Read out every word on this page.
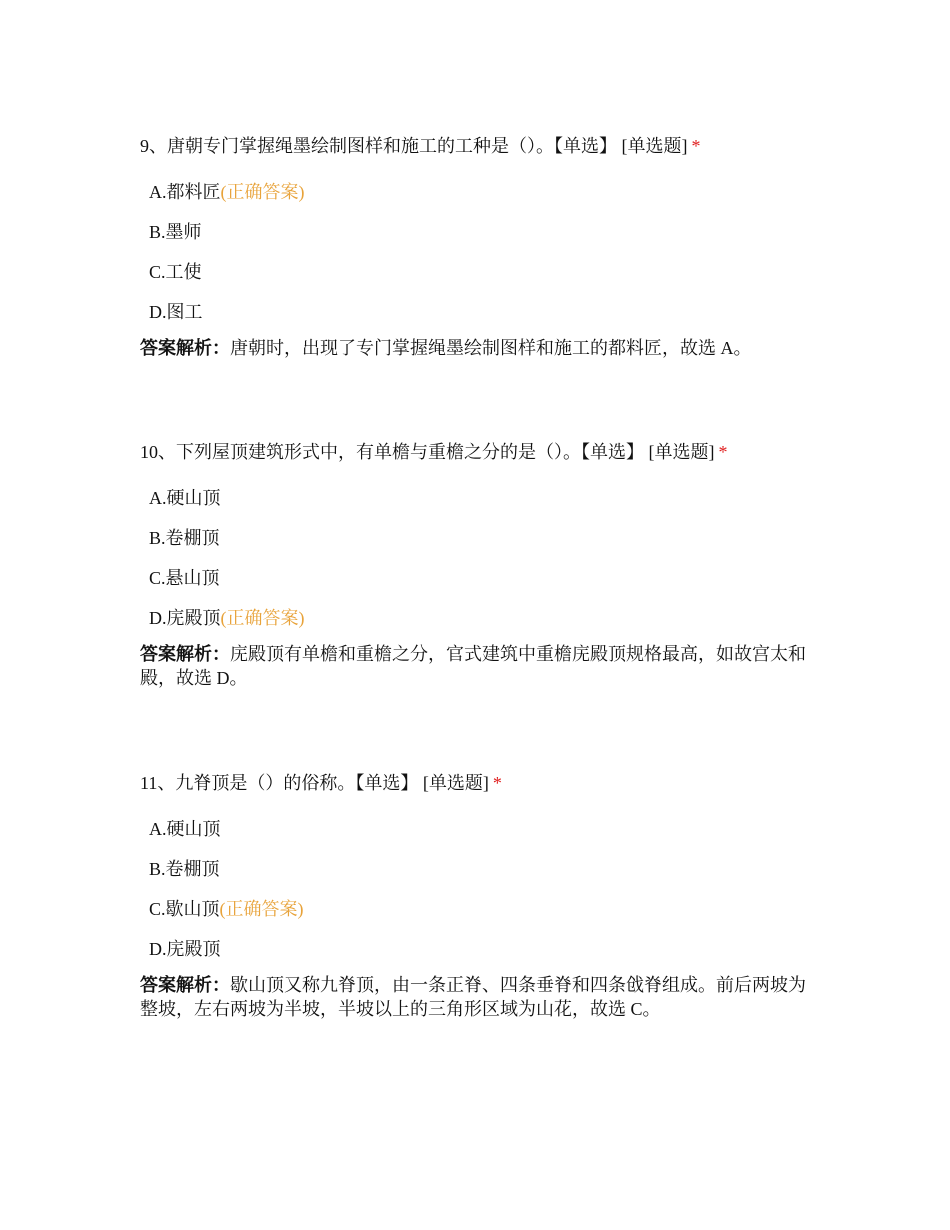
9、唐朝专门掌握绳墨绘制图样和施工的工种是（）。【单选】 [单选题] *
A.都料匠(正确答案)
B.墨师
C.工使
D.图工
答案解析：唐朝时，出现了专门掌握绳墨绘制图样和施工的都料匠，故选 A。
10、下列屋顶建筑形式中，有单檐与重檐之分的是（）。【单选】 [单选题] *
A.硬山顶
B.卷棚顶
C.悬山顶
D.庑殿顶(正确答案)
答案解析：庑殿顶有单檐和重檐之分，官式建筑中重檐庑殿顶规格最高，如故宫太和殿，故选 D。
11、九脊顶是（）的俗称。【单选】 [单选题] *
A.硬山顶
B.卷棚顶
C.歇山顶(正确答案)
D.庑殿顶
答案解析：歇山顶又称九脊顶，由一条正脊、四条垂脊和四条戗脊组成。前后两坡为整坡，左右两坡为半坡，半坡以上的三角形区域为山花，故选 C。
